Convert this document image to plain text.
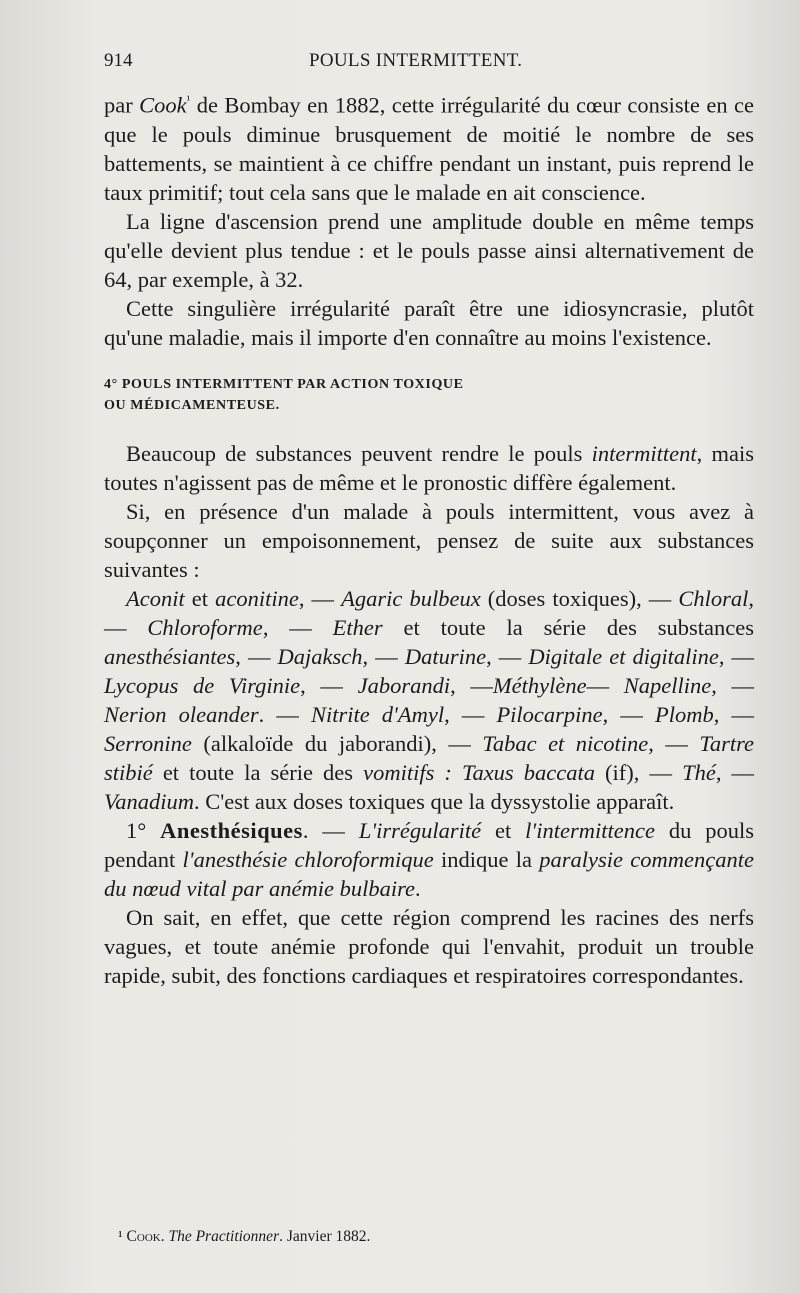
914	POULS INTERMITTENT.

par Cook$^{^1}$ de Bombay en 1882, cette irrégularité du cœur consiste en ce que le pouls diminue brusquement de moitié le nombre de ses battements, se maintient à ce chiffre pendant un instant, puis reprend le taux primitif; tout cela sans que le malade en ait conscience.

La ligne d'ascension prend une amplitude double en même temps qu'elle devient plus tendue : et le pouls passe ainsi alternativement de 64, par exemple, à 32.

Cette singulière irrégularité paraît être une idiosyncrasie, plutôt qu'une maladie, mais il importe d'en connaître au moins l'existence.

4° POULS INTERMITTENT PAR ACTION TOXIQUE

OU MÉDICAMENTEUSE.

Beaucoup de substances peuvent rendre le pouls intermittent, mais toutes n'agissent pas de même et le pronostic diffère également.

Si, en présence d'un malade à pouls intermittent, vous avez à soupçonner un empoisonnement, pensez de suite aux substances suivantes :

Aconit et aconitine, — Agaric bulbeux (doses toxiques), — Chloral, — Chloroforme, — Ether et toute la série des substances anesthésiantes, — Dajaksch, — Daturine, — Digitale et digitaline, — Lycopus de Virginie, — Jaborandi, —Méthylène— Napelline, — Nerion oleander. — Nitrite d'Amyl, — Pilocarpine, — Plomb, — Serronine (alkaloïde du jaborandi), — Tabac et nicotine, — Tartre stibié et toute la série des vomitifs : Taxus baccata (if), — Thé, — Vanadium. C'est aux doses toxiques que la dyssystolie apparaît.

1° Anesthésiques. — L'irrégularité et l'intermittence du pouls pendant l'anesthésie chloroformique indique la paralysie commençante du nœud vital par anémie bulbaire.

On sait, en effet, que cette région comprend les racines des nerfs vagues, et toute anémie profonde qui l'envahit, produit un trouble rapide, subit, des fonctions cardiaques et respiratoires correspondantes.

¹ Cook. The Practitionner. Janvier 1882.
